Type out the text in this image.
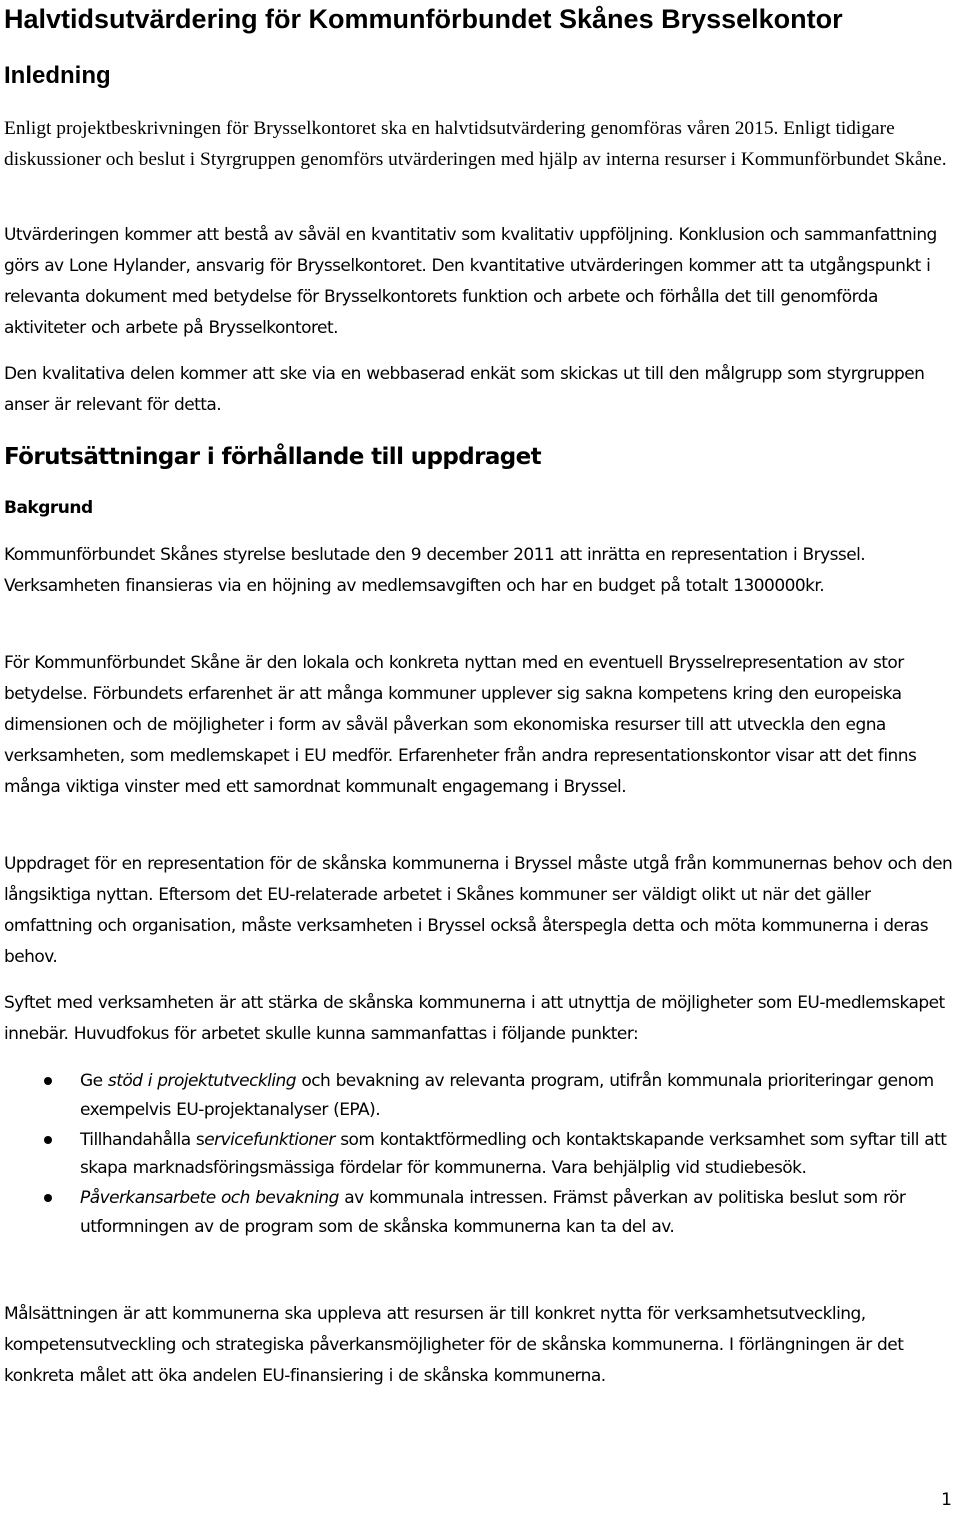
Halvtidsutvärdering för Kommunförbundet Skånes Brysselkontor
Inledning

Enligt projektbeskrivningen för Brysselkontoret ska en halvtidsutvärdering genomföras våren 2015. Enligt tidigare diskussioner och beslut i Styrgruppen genomförs utvärderingen med hjälp av interna resurser i Kommunförbundet Skåne.

Utvärderingen kommer att bestå av såväl en kvantitativ som kvalitativ uppföljning. Konklusion och sammanfattning görs av Lone Hylander, ansvarig för Brysselkontoret. Den kvantitative utvärderingen kommer att ta utgångspunkt i relevanta dokument med betydelse för Brysselkontorets funktion och arbete och förhålla det till genomförda aktiviteter och arbete på Brysselkontoret.

Den kvalitativa delen kommer att ske via en webbaserad enkät som skickas ut till den målgrupp som styrgruppen anser är relevant för detta.

Förutsättningar i förhållande till uppdraget
Bakgrund

Kommunförbundet Skånes styrelse beslutade den 9 december 2011 att inrätta en representation i Bryssel. Verksamheten finansieras via en höjning av medlemsavgiften och har en budget på totalt 1300000kr.

För Kommunförbundet Skåne är den lokala och konkreta nyttan med en eventuell Brysselrepresentation av stor betydelse. Förbundets erfarenhet är att många kommuner upplever sig sakna kompetens kring den europeiska dimensionen och de möjligheter i form av såväl påverkan som ekonomiska resurser till att utveckla den egna verksamheten, som medlemskapet i EU medför. Erfarenheter från andra representationskontor visar att det finns många viktiga vinster med ett samordnat kommunalt engagemang i Bryssel.

Uppdraget för en representation för de skånska kommunerna i Bryssel måste utgå från kommunernas behov och den långsiktiga nyttan. Eftersom det EU-relaterade arbetet i Skånes kommuner ser väldigt olikt ut när det gäller omfattning och organisation, måste verksamheten i Bryssel också återspegla detta och möta kommunerna i deras behov.

Syftet med verksamheten är att stärka de skånska kommunerna i att utnyttja de möjligheter som EU-medlemskapet innebär. Huvudfokus för arbetet skulle kunna sammanfattas i följande punkter:

Ge stöd i projektutveckling och bevakning av relevanta program, utifrån kommunala prioriteringar genom exempelvis EU-projektanalyser (EPA).
Tillhandahålla servicefunktioner som kontaktförmedling och kontaktskapande verksamhet som syftar till att skapa marknadsföringsmässiga fördelar för kommunerna. Vara behjälplig vid studiebesök.
Påverkansarbete och bevakning av kommunala intressen. Främst påverkan av politiska beslut som rör utformningen av de program som de skånska kommunerna kan ta del av.

Målsättningen är att kommunerna ska uppleva att resursen är till konkret nytta för verksamhetsutveckling, kompetensutveckling och strategiska påverkansmöjligheter för de skånska kommunerna. I förlängningen är det konkreta målet att öka andelen EU-finansiering i de skånska kommunerna.

1
